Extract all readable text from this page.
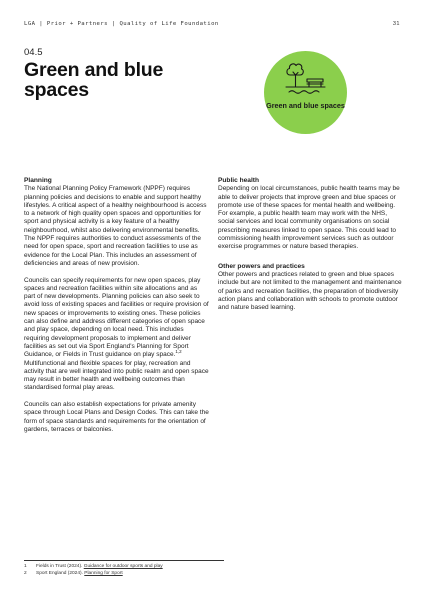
LGA | Prior + Partners | Quality of Life Foundation	31
04.5
Green and blue spaces
Green and blue spaces
Planning

The National Planning Policy Framework (NPPF) requires planning policies and decisions to enable and support healthy lifestyles. A critical aspect of a healthy neighbourhood is access to a network of high quality open spaces and opportunities for sport and physical activity is a key feature of a healthy neighbourhood, whilst also delivering environmental benefits. The NPPF requires authorities to conduct assessments of the need for open space, sport and recreation facilities to use as evidence for the Local Plan. This includes an assessment of deficiencies and areas of new provision.

Councils can specify requirements for new open spaces, play spaces and recreation facilities within site allocations and as part of new developments. Planning policies can also seek to avoid loss of existing spaces and facilities or require provision of new spaces or improvements to existing ones. These policies can also define and address different categories of open space and play space, depending on local need. This includes requiring development proposals to implement and deliver facilities as set out via Sport England's Planning for Sport Guidance, or Fields in Trust guidance on play space.$^{1,2}$ Multifunctional and flexible spaces for play, recreation and activity that are well integrated into public realm and open space may result in better health and wellbeing outcomes than standardised formal play areas.

Councils can also establish expectations for private amenity space through Local Plans and Design Codes. This can take the form of space standards and requirements for the orientation of gardens, terraces or balconies.

Public health

Depending on local circumstances, public health teams may be able to deliver projects that improve green and blue spaces or promote use of these spaces for mental health and wellbeing. For example, a public health team may work with the NHS, social services and local community organisations on social prescribing measures linked to open space. This could lead to commissioning health improvement services such as outdoor exercise programmes or nature based therapies.

Other powers and practices

Other powers and practices related to green and blue spaces include but are not limited to the management and maintenance of parks and recreation facilities, the preparation of biodiversity action plans and collaboration with schools to promote outdoor and nature based learning.

1	Fields in Trust (2024). Guidance for outdoor sports and play
2	Sport England (2024). Planning for Sport
